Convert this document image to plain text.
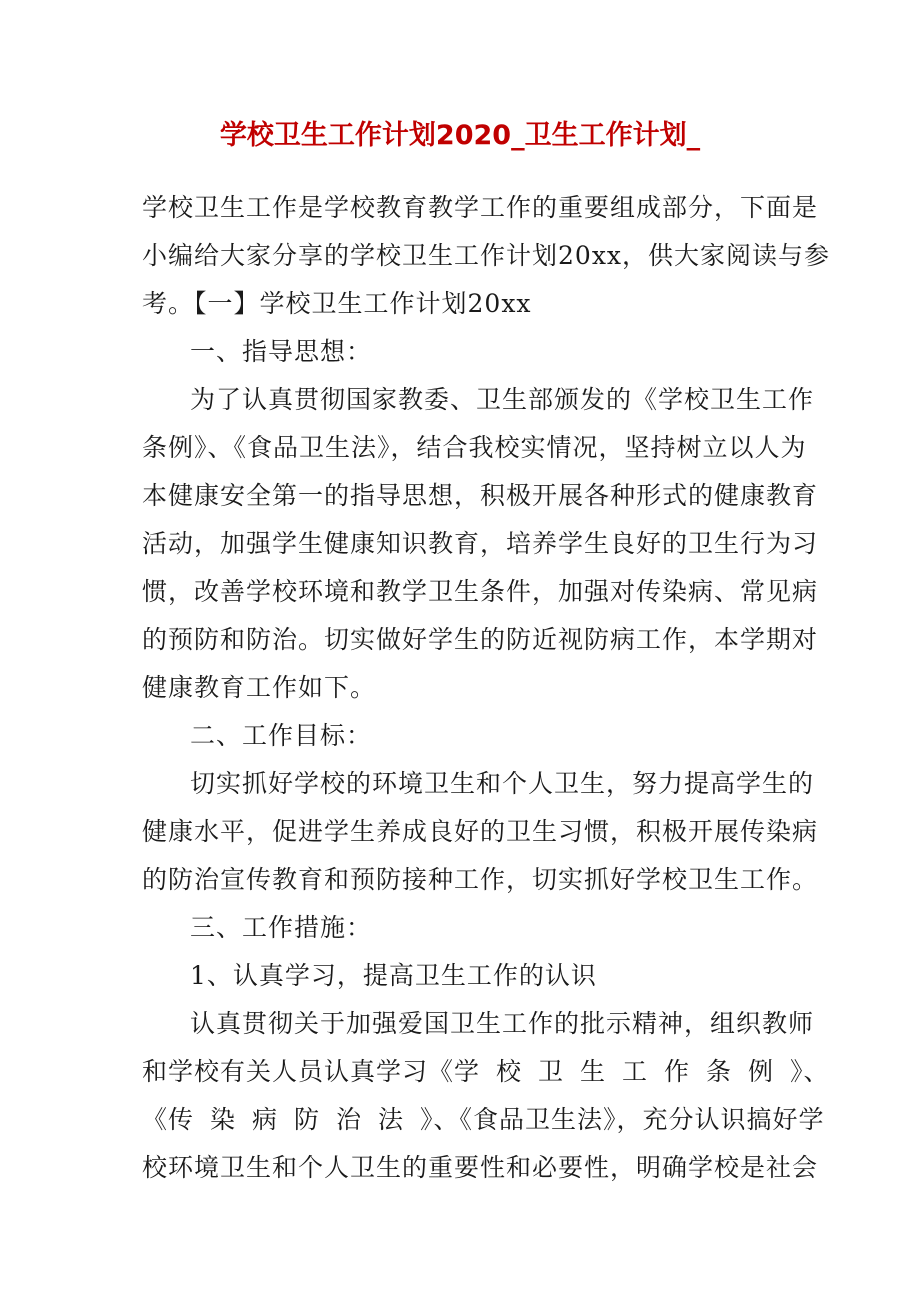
学校卫生工作计划2020_卫生工作计划_
学校卫生工作是学校教育教学工作的重要组成部分，下面是
小编给大家分享的学校卫生工作计划20xx，供大家阅读与参
考。【一】学校卫生工作计划20xx
一、指导思想：
为了认真贯彻国家教委、卫生部颁发的《学校卫生工作
条例》、《食品卫生法》，结合我校实情况，坚持树立以人为
本健康安全第一的指导思想，积极开展各种形式的健康教育
活动，加强学生健康知识教育，培养学生良好的卫生行为习
惯，改善学校环境和教学卫生条件，加强对传染病、常见病
的预防和防治。切实做好学生的防近视防病工作，本学期对
健康教育工作如下。
二、工作目标：
切实抓好学校的环境卫生和个人卫生，努力提高学生的
健康水平，促进学生养成良好的卫生习惯，积极开展传染病
的防治宣传教育和预防接种工作，切实抓好学校卫生工作。
三、工作措施：
1、认真学习，提高卫生工作的认识
认真贯彻关于加强爱国卫生工作的批示精神，组织教师
和学校有关人员认真学习《学校卫生工作条例》、
《传染病防治法》、《食品卫生法》，充分认识搞好学
校环境卫生和个人卫生的重要性和必要性，明确学校是社会
